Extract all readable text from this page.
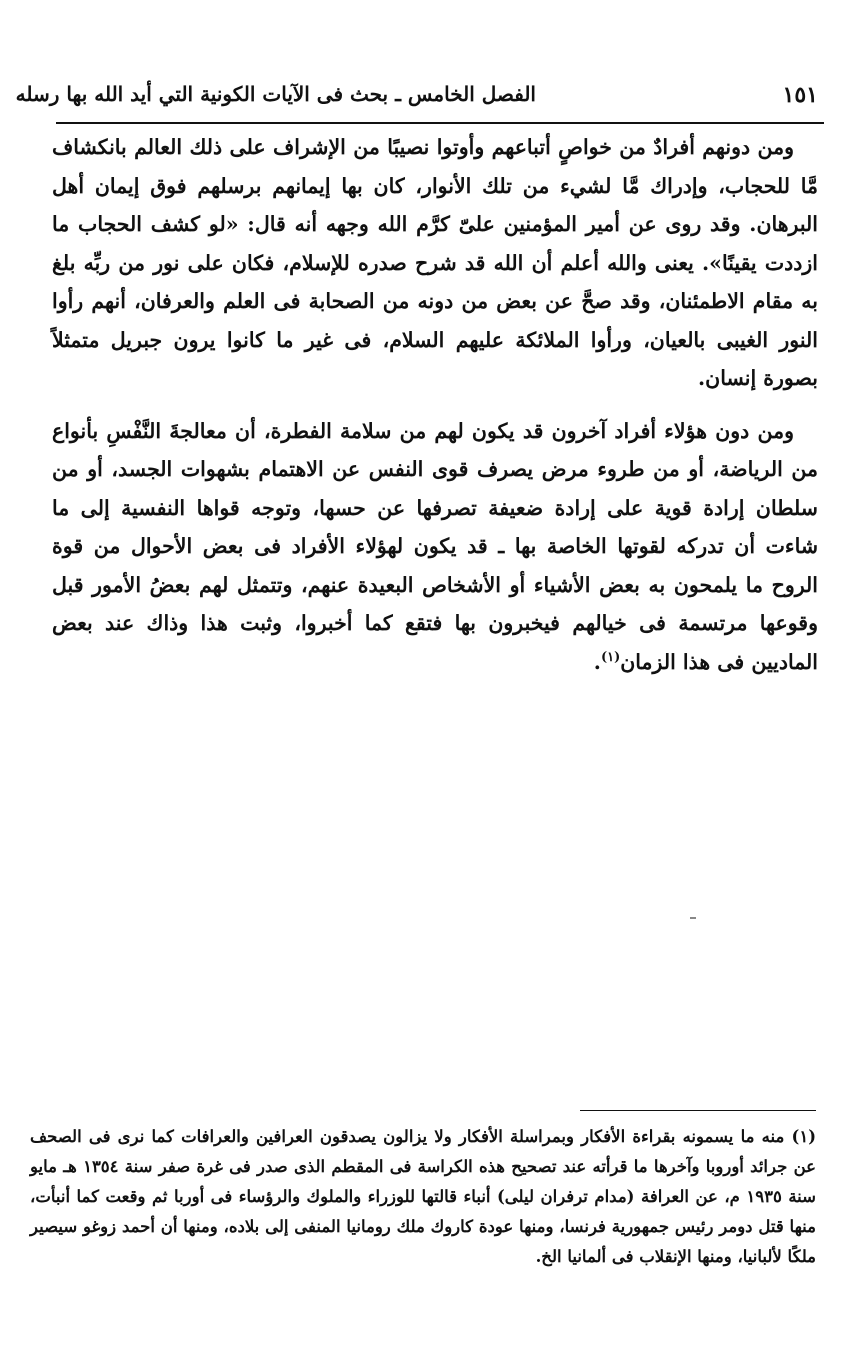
١٥١
الفصل الخامس ـ بحث فى الآيات الكونية التي أيد الله بها رسله

ومن دونهم أفرادٌ من خواصٍ أتباعهم وأوتوا نصيبًا من الإشراف على ذلك العالم بانكشاف مَّا للحجاب، وإدراك مَّا لشيء من تلك الأنوار، كان بها إيمانهم برسلهم فوق إيمان أهل البرهان. وقد روى عن أمير المؤمنين علىّ كرَّم الله وجهه أنه قال: «لو كشف الحجاب ما ازددت يقينًا». يعنى والله أعلم أن الله قد شرح صدره للإسلام، فكان على نور من ربِّه بلغ به مقام الاطمئنان، وقد صحَّ عن بعض من دونه من الصحابة فى العلم والعرفان، أنهم رأوا النور الغيبى بالعيان، ورأوا الملائكة عليهم السلام، فى غير ما كانوا يرون جبريل متمثلاً بصورة إنسان.

ومن دون هؤلاء أفراد آخرون قد يكون لهم من سلامة الفطرة، أن معالجةَ النَّفْسِ بأنواع من الرياضة، أو من طروء مرض يصرف قوى النفس عن الاهتمام بشهوات الجسد، أو من سلطان إرادة قوية على إرادة ضعيفة تصرفها عن حسها، وتوجه قواها النفسية إلى ما شاءت أن تدركه لقوتها الخاصة بها ـ قد يكون لهؤلاء الأفراد فى بعض الأحوال من قوة الروح ما يلمحون به بعض الأشياء أو الأشخاص البعيدة عنهم، وتتمثل لهم بعضُ الأمور قبل وقوعها مرتسمة فى خيالهم فيخبرون بها فتقع كما أخبروا، وثبت هذا وذاك عند بعض الماديين فى هذا الزمان$^{(١)}$.

(١) منه ما يسمونه بقراءة الأفكار وبمراسلة الأفكار ولا يزالون يصدقون العرافين والعرافات كما نرى فى الصحف عن جرائد أوروبا وآخرها ما قرأته عند تصحيح هذه الكراسة فى المقطم الذى صدر فى غرة صفر سنة ١٣٥٤ هـ مايو سنة ١٩٣٥ م، عن العرافة (مدام ترفران ليلى) أنباء قالتها للوزراء والملوك والرؤساء فى أوربا ثم وقعت كما أنبأت، منها قتل دومر رئيس جمهورية فرنسا، ومنها عودة كاروك ملك رومانيا المنفى إلى بلاده، ومنها أن أحمد زوغو سيصير ملكًا لألبانيا، ومنها الإنقلاب فى ألمانيا الخ.
